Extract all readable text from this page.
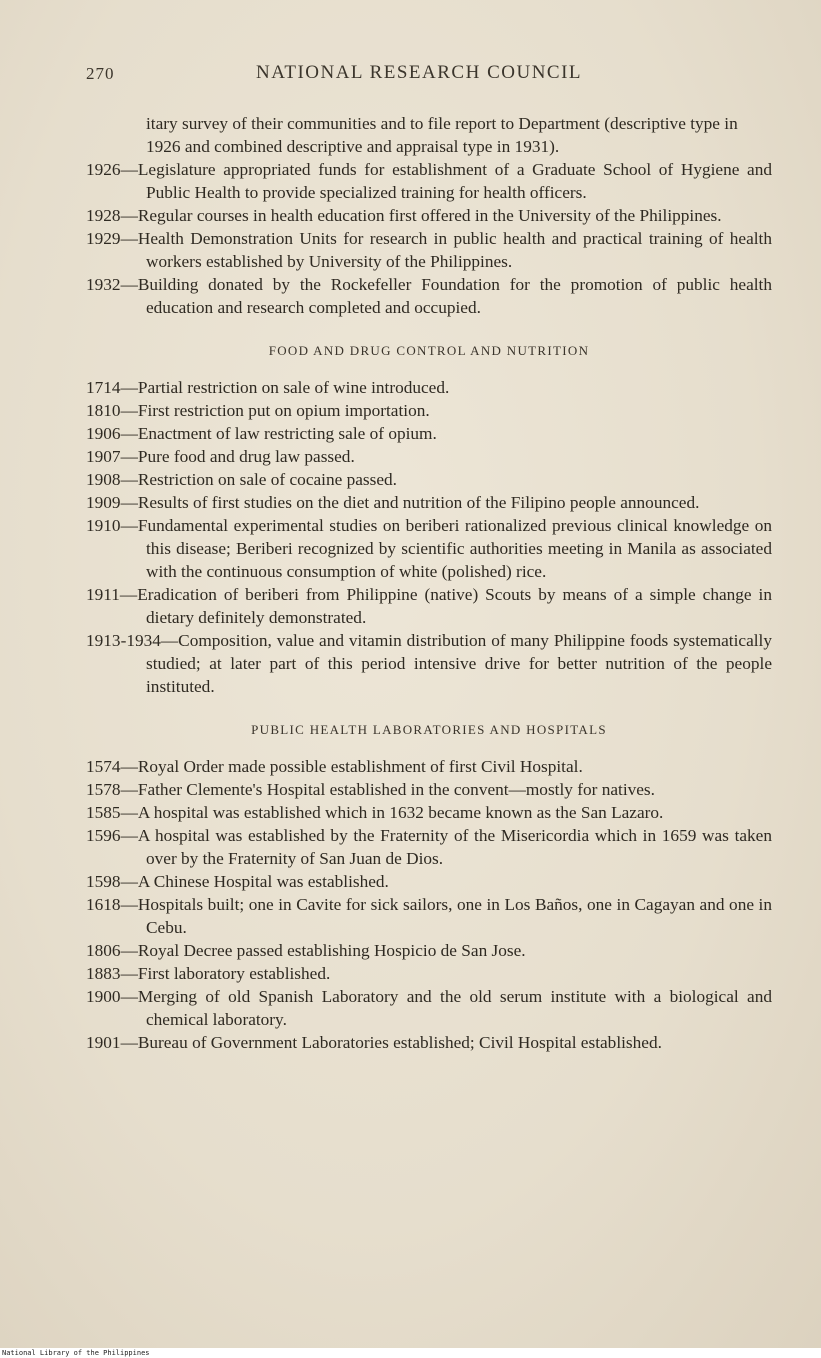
270	NATIONAL RESEARCH COUNCIL

itary survey of their communities and to file report to Department (descriptive type in 1926 and combined descriptive and appraisal type in 1931).

1926—Legislature appropriated funds for establishment of a Graduate School of Hygiene and Public Health to provide specialized training for health officers.

1928—Regular courses in health education first offered in the University of the Philippines.

1929—Health Demonstration Units for research in public health and practical training of health workers established by University of the Philippines.

1932—Building donated by the Rockefeller Foundation for the promotion of public health education and research completed and occupied.

FOOD AND DRUG CONTROL AND NUTRITION

1714—Partial restriction on sale of wine introduced.

1810—First restriction put on opium importation.

1906—Enactment of law restricting sale of opium.

1907—Pure food and drug law passed.

1908—Restriction on sale of cocaine passed.

1909—Results of first studies on the diet and nutrition of the Filipino people announced.

1910—Fundamental experimental studies on beriberi rationalized previous clinical knowledge on this disease; Beriberi recognized by scientific authorities meeting in Manila as associated with the continuous consumption of white (polished) rice.

1911—Eradication of beriberi from Philippine (native) Scouts by means of a simple change in dietary definitely demonstrated.

1913-1934—Composition, value and vitamin distribution of many Philippine foods systematically studied; at later part of this period intensive drive for better nutrition of the people instituted.

PUBLIC HEALTH LABORATORIES AND HOSPITALS

1574—Royal Order made possible establishment of first Civil Hospital.

1578—Father Clemente's Hospital established in the convent—mostly for natives.

1585—A hospital was established which in 1632 became known as the San Lazaro.

1596—A hospital was established by the Fraternity of the Misericordia which in 1659 was taken over by the Fraternity of San Juan de Dios.

1598—A Chinese Hospital was established.

1618—Hospitals built; one in Cavite for sick sailors, one in Los Baños, one in Cagayan and one in Cebu.

1806—Royal Decree passed establishing Hospicio de San Jose.

1883—First laboratory established.

1900—Merging of old Spanish Laboratory and the old serum institute with a biological and chemical laboratory.

1901—Bureau of Government Laboratories established; Civil Hospital established.

National Library of the Philippines
